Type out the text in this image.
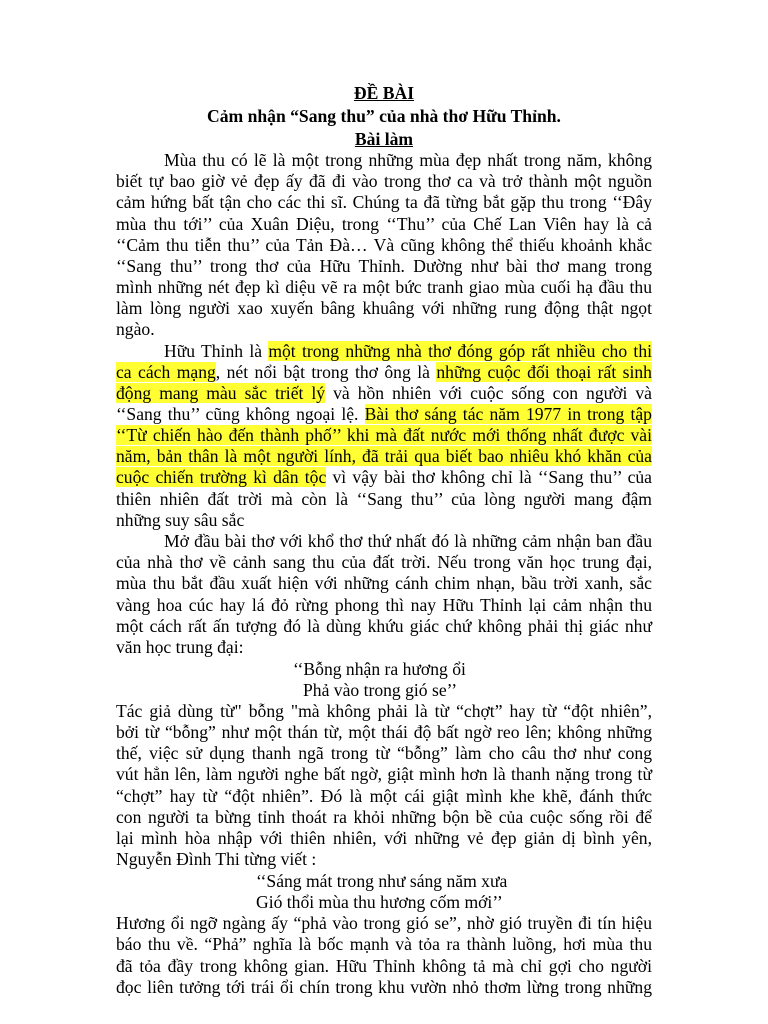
ĐỀ BÀI
Cảm nhận “Sang thu” của nhà thơ Hữu Thỉnh.
Bài làm
Mùa thu có lẽ là một trong những mùa đẹp nhất trong năm, không
biết tự bao giờ vẻ đẹp ấy đã đi vào trong thơ ca và trở thành một nguồn
cảm hứng bất tận cho các thi sĩ. Chúng ta đã từng bắt gặp thu trong ‘‘Đây
mùa thu tới’’ của Xuân Diệu, trong ‘‘Thu’’ của Chế Lan Viên hay là cả
‘‘Cảm thu tiễn thu’’ của Tản Đà… Và cũng không thể thiếu khoảnh khắc
‘‘Sang thu’’ trong thơ của Hữu Thỉnh. Dường như bài thơ mang trong
mình những nét đẹp kì diệu vẽ ra một bức tranh giao mùa cuối hạ đầu thu
làm lòng người xao xuyến bâng khuâng với những rung động thật ngọt
ngào.
Hữu Thỉnh là một trong những nhà thơ đóng góp rất nhiều cho thi
ca cách mạng, nét nổi bật trong thơ ông là những cuộc đối thoại rất sinh
động mang màu sắc triết lý và hồn nhiên với cuộc sống con người và
‘‘Sang thu’’ cũng không ngoại lệ. Bài thơ sáng tác năm 1977 in trong tập
‘‘Từ chiến hào đến thành phố’’ khi mà đất nước mới thống nhất được vài
năm, bản thân là một người lính, đã trải qua biết bao nhiêu khó khăn của
cuộc chiến trường kì dân tộc vì vậy bài thơ không chỉ là ‘‘Sang thu’’ của
thiên nhiên đất trời mà còn là ‘‘Sang thu’’ của lòng người mang đậm
những suy sâu sắc
Mở đầu bài thơ với khổ thơ thứ nhất đó là những cảm nhận ban đầu
của nhà thơ về cảnh sang thu của đất trời. Nếu trong văn học trung đại,
mùa thu bắt đầu xuất hiện với những cánh chim nhạn, bầu trời xanh, sắc
vàng hoa cúc hay lá đỏ rừng phong thì nay Hữu Thỉnh lại cảm nhận thu
một cách rất ấn tượng đó là dùng khứu giác chứ không phải thị giác như
văn học trung đại:
‘‘Bỗng nhận ra hương ổi
Phả vào trong gió se’’
Tác giả dùng từ" bỗng "mà không phải là từ “chợt” hay từ “đột nhiên”,
bởi từ “bỗng” như một thán từ, một thái độ bất ngờ reo lên; không những
thế, việc sử dụng thanh ngã trong từ “bỗng” làm cho câu thơ như cong
vút hẳn lên, làm người nghe bất ngờ, giật mình hơn là thanh nặng trong từ
“chợt” hay từ “đột nhiên”. Đó là một cái giật mình khe khẽ, đánh thức
con người ta bừng tỉnh thoát ra khỏi những bộn bề của cuộc sống rồi để
lại mình hòa nhập với thiên nhiên, với những vẻ đẹp giản dị bình yên,
Nguyễn Đình Thi từng viết :
‘‘Sáng mát trong như sáng năm xưa
Gió thổi mùa thu hương cốm mới’’
Hương ổi ngỡ ngàng ấy “phả vào trong gió se”, nhờ gió truyền đi tín hiệu
báo thu về. “Phả” nghĩa là bốc mạnh và tỏa ra thành luồng, hơi mùa thu
đã tỏa đầy trong không gian. Hữu Thỉnh không tả mà chỉ gợi cho người
đọc liên tưởng tới trái ổi chín trong khu vườn nhỏ thơm lừng trong những
